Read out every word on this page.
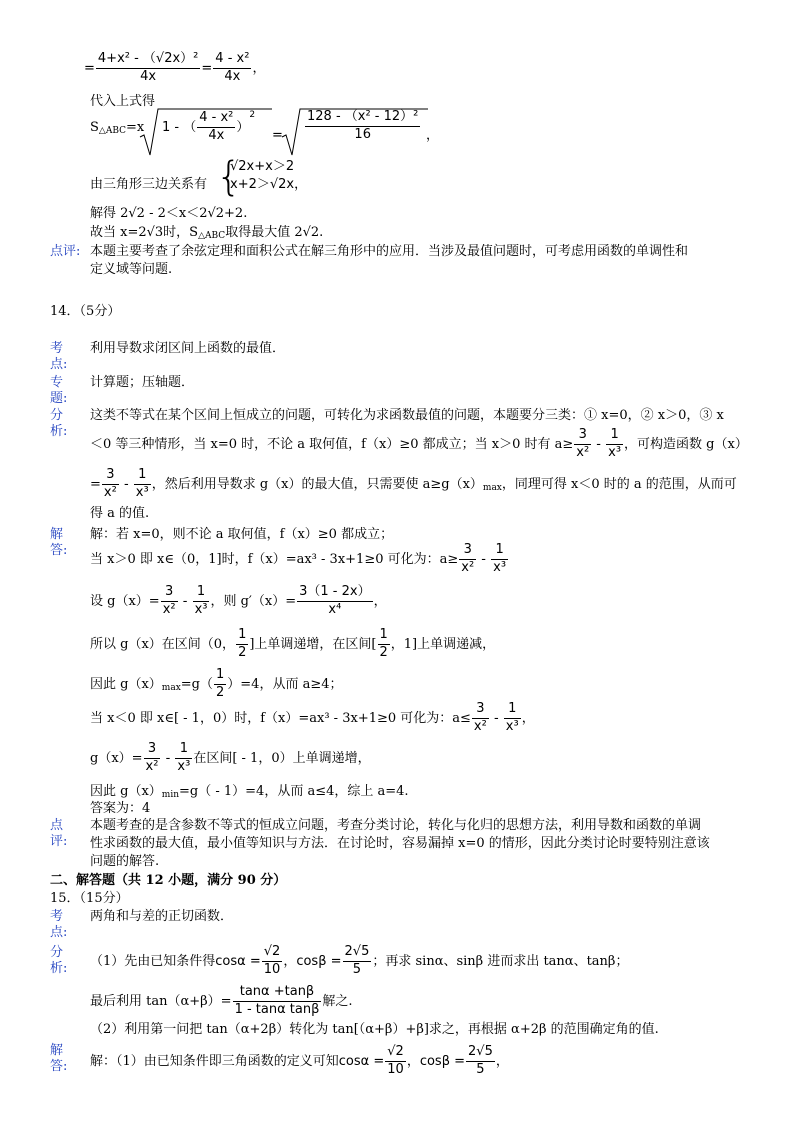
= $\frac{\text{4+x² - （√2x）²}}{4x} = \frac{\text{4 - x²}}{4x}$ ，
代入上式得
$S_{\triangle ABC}=x$ 1 - （ $\frac{\text{4 - x²}}{4x} )^2$
= $\frac{\text{128 - （x² - 12）²}}{16}$ ，
由三角形三边关系有 {
√2x+x＞2
x+2＞√2x，
解得 2√2 - 2＜x＜2√2+2.
故当 x=2√3时，$S_{\triangle ABC}$取得最大值 2√2.
点评: 本题主要考查了余弦定理和面积公式在解三角形中的应用．当涉及最值问题时，可考虑用函数的单调性和
定义域等问题.
14．（5分）
考点:
利用导数求闭区间上函数的最值．
专题:
计算题；压轴题．
分析:
这类不等式在某个区间上恒成立的问题，可转化为求函数最值的问题，本题要分三类：① x=0，② x＞0，③ x
＜0 等三种情形，当 x=0 时，不论 a 取何值，f（x）≥0 都成立；当 x＞0 时有 $a\ge \frac{3}{\text{x²}} - \frac{1}{\text{x³}}$ ，可构造函数 g（x）
= $\frac{3}{\text{x²}} - \frac{1}{\text{x³}}$ ，然后利用导数求 g（x）的最大值，只需要使 $a\ge g(x)_{max}$，同理可得 x＜0 时的 a 的范围，从而可
得 a 的值.
解答:
解：若 x=0，则不论 a 取何值，f（x）≥0 都成立；
当 x＞0 即 x∈（0，1]时，f（x）=ax³ - 3x+1≥0 可化为：$a\ge \frac{3}{\text{x²}} - \frac{1}{\text{x³}}$
设 $g(x)= \frac{3}{\text{x²}} - \frac{1}{\text{x³}}$ ，则 $g'(x)= \frac{3(1 - 2x)}{\text{x⁴}}$ ，
所以 g（x）在区间（0， $\frac{1}{2}$ ]上单调递增，在区间[ $\frac{1}{2}$ ，1]上单调递减，
因此 $g(x)_{max}=g( \frac{1}{2} )=4$，从而 a≥4；
当 x＜0 即 x∈[ - 1，0）时，f（x）=ax³ - 3x+1≥0 可化为：$a\le \frac{3}{\text{x²}} - \frac{1}{\text{x³}}$ ，
$g(x)= \frac{3}{\text{x²}} - \frac{1}{\text{x³}}$ 在区间[ - 1，0）上单调递增，
因此 $g(x)_{min}=g( - 1)=4$，从而 a≤4，综上 a=4.
答案为：4
点评:
本题考查的是含参数不等式的恒成立问题，考查分类讨论，转化与化归的思想方法，利用导数和函数的单调
性求函数的最大值，最小值等知识与方法．在讨论时，容易漏掉 x=0 的情形，因此分类讨论时要特别注意该
问题的解答.
二、解答题（共 12 小题，满分 90 分）
15．（15分）
考点:
两角和与差的正切函数．
分析: （1）先由已知条件得$\cos\alpha = \frac{√2}{10}$ ，$\cos\beta = \frac{2√5}{5}$ ；再求 sinα、sinβ 进而求出 tanα、tanβ；
最后利用 $\tan(\alpha+\beta)= \frac{\tan\alpha +\tan\beta}{\text{1 - tanα tanβ}}$ 解之.
（2）利用第一问把 tan（α+2β）转化为 tan[（α+β）+β]求之，再根据 α+2β 的范围确定角的值.
解答: 解：（1）由已知条件即三角函数的定义可知$\cos\alpha = \frac{√2}{10}$ ，$\cos\beta = \frac{2√5}{5}$ ，
